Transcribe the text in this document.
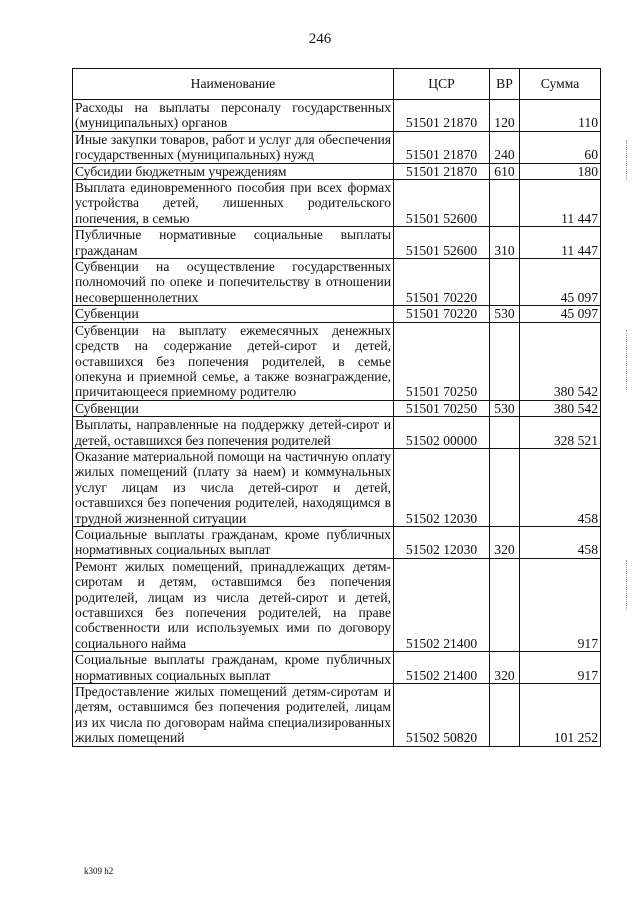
246
Наименование	ЦСР	ВР	Сумма
Расходы на выплаты персоналу государственных (муниципальных) органов	51501 21870	120	110
Иные закупки товаров, работ и услуг для обеспечения государственных (муниципальных) нужд	51501 21870	240	60
Субсидии бюджетным учреждениям	51501 21870	610	180
Выплата единовременного пособия при всех формах устройства детей, лишенных родительского попечения, в семью	51501 52600		11 447
Публичные нормативные социальные выплаты гражданам	51501 52600	310	11 447
Субвенции на осуществление государственных полномочий по опеке и попечительству в отношении несовершеннолетних	51501 70220		45 097
Субвенции	51501 70220	530	45 097
Субвенции на выплату ежемесячных денежных средств на содержание детей-сирот и детей, оставшихся без попечения родителей, в семье опекуна и приемной семье, а также вознаграждение, причитающееся приемному родителю	51501 70250		380 542
Субвенции	51501 70250	530	380 542
Выплаты, направленные на поддержку детей-сирот и детей, оставшихся без попечения родителей	51502 00000		328 521
Оказание материальной помощи на частичную оплату жилых помещений (плату за наем) и коммунальных услуг лицам из числа детей-сирот и детей, оставшихся без попечения родителей, находящимся в трудной жизненной ситуации	51502 12030		458
Социальные выплаты гражданам, кроме публичных нормативных социальных выплат	51502 12030	320	458
Ремонт жилых помещений, принадлежащих детям-сиротам и детям, оставшимся без попечения родителей, лицам из числа детей-сирот и детей, оставшихся без попечения родителей, на праве собственности или используемых ими по договору социального найма	51502 21400		917
Социальные выплаты гражданам, кроме публичных нормативных социальных выплат	51502 21400	320	917
Предоставление жилых помещений детям-сиротам и детям, оставшимся без попечения родителей, лицам из их числа по договорам найма специализированных жилых помещений	51502 50820		101 252
k309 h2
